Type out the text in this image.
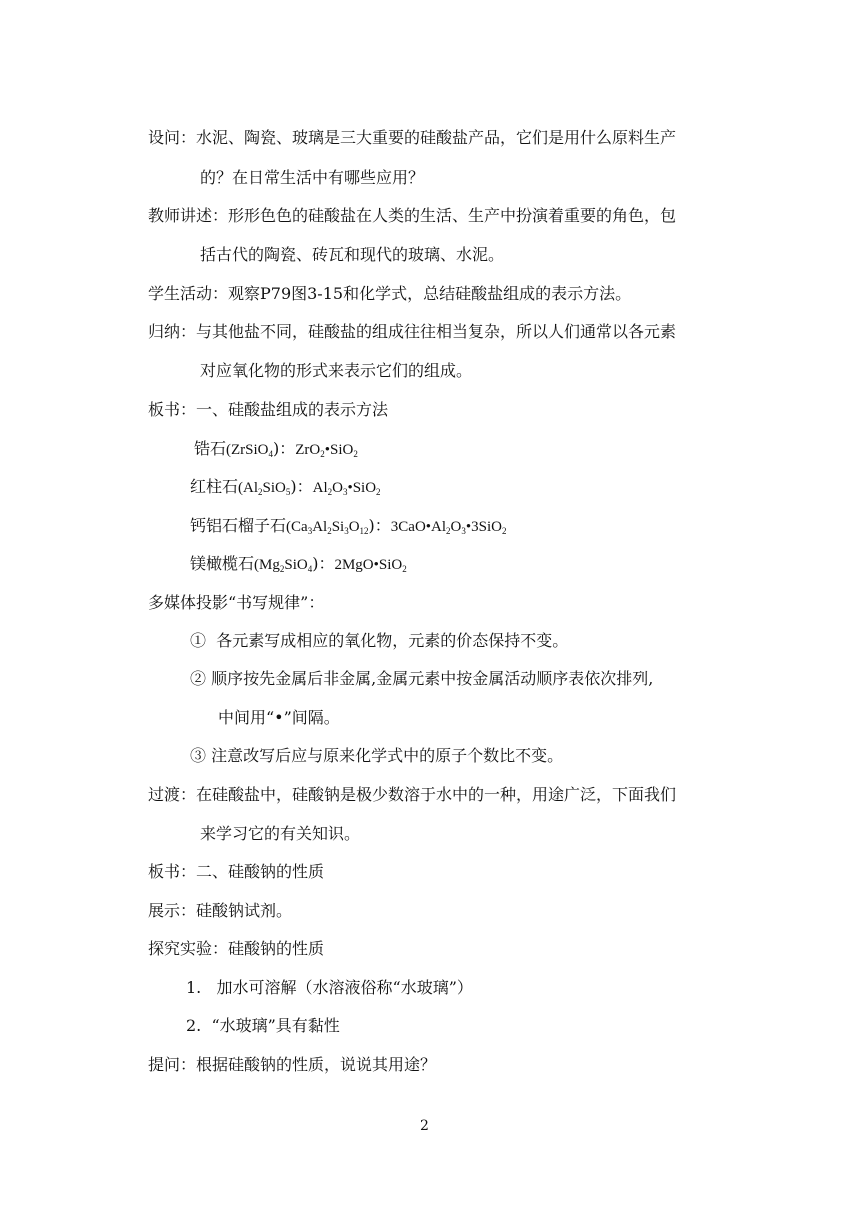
设问：水泥、陶瓷、玻璃是三大重要的硅酸盐产品，它们是用什么原料生产
的？在日常生活中有哪些应用？
教师讲述：形形色色的硅酸盐在人类的生活、生产中扮演着重要的角色，包
括古代的陶瓷、砖瓦和现代的玻璃、水泥。
学生活动：观察P79图3-15和化学式，总结硅酸盐组成的表示方法。
归纳：与其他盐不同，硅酸盐的组成往往相当复杂，所以人们通常以各元素
对应氧化物的形式来表示它们的组成。
板书：一、硅酸盐组成的表示方法
锆石(ZrSiO$_4$)：ZrO$_2$•SiO$_2$
红柱石$(Al_2SiO_5)$：$Al_2O_3•SiO_2$
钙铝石榴子石$(Ca_3Al_2Si_3O_{12})$：$3CaO•Al_2O_3•3SiO_2$
镁橄榄石$(Mg_2SiO_4)$：2MgO•SiO$_2$
多媒体投影“书写规律”：
① 各元素写成相应的氧化物，元素的价态保持不变。
② 顺序按先金属后非金属,金属元素中按金属活动顺序表依次排列,
中间用“•”间隔。
③ 注意改写后应与原来化学式中的原子个数比不变。
过渡：在硅酸盐中，硅酸钠是极少数溶于水中的一种，用途广泛，下面我们
来学习它的有关知识。
板书：二、硅酸钠的性质
展示：硅酸钠试剂。
探究实验：硅酸钠的性质
1. 加水可溶解（水溶液俗称“水玻璃”）
2. “水玻璃”具有黏性
提问：根据硅酸钠的性质，说说其用途？
2
